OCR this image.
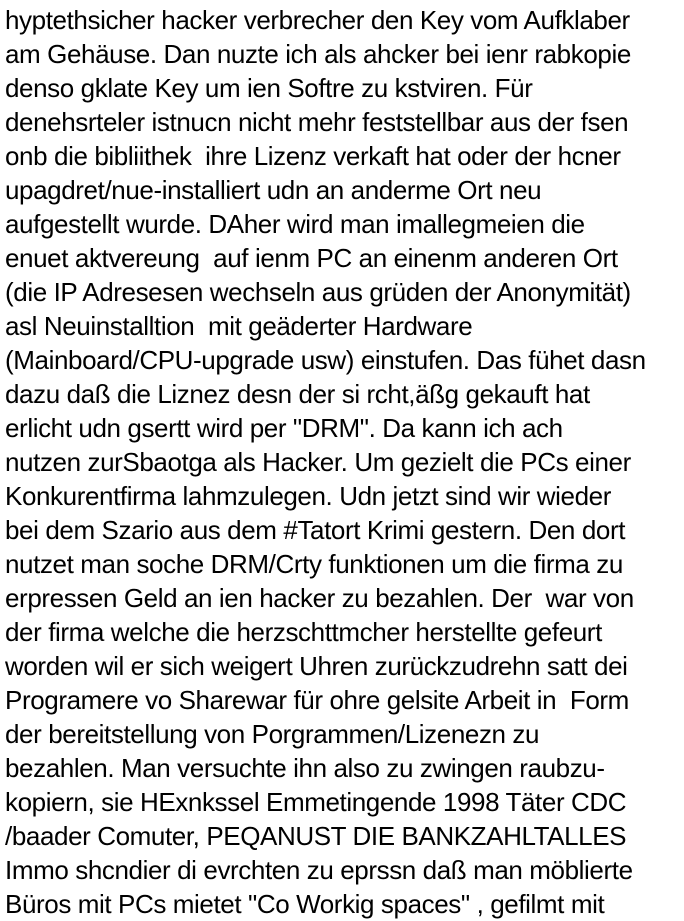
hyptethsicher hacker verbrecher den Key vom Aufklaber
am Gehäuse. Dan nuzte ich als ahcker bei ienr rabkopie
denso gklate Key um ien Softre zu kstviren. Für
denehsrteler istnucn nicht mehr feststellbar aus der fsen
onb die bibliithek  ihre Lizenz verkaft hat oder der hcner
upagdret/nue-installiert udn an anderme Ort neu
aufgestellt wurde. DAher wird man imallegmeien die
enuet aktvereung  auf ienm PC an einenm anderen Ort
(die IP Adresesen wechseln aus grüden der Anonymität)
asl Neuinstalltion  mit geäderter Hardware
(Mainboard/CPU-upgrade usw) einstufen. Das fühet dasn
dazu daß die Liznez desn der si rcht,äßg gekauft hat
erlicht udn gsertt wird per "DRM". Da kann ich ach
nutzen zurSbaotga als Hacker. Um gezielt die PCs einer
Konkurentfirma lahmzulegen. Udn jetzt sind wir wieder
bei dem Szario aus dem #Tatort Krimi gestern. Den dort
nutzet man soche DRM/Crty funktionen um die firma zu
erpressen Geld an ien hacker zu bezahlen. Der  war von
der firma welche die herzschttmcher herstellte gefeurt
worden wil er sich weigert Uhren zurückzudrehn satt dei
Programere vo Sharewar für ohre gelsite Arbeit in  Form
der bereitstellung von Porgrammen/Lizenezn zu
bezahlen. Man versuchte ihn also zu zwingen raubzu-
kopiern, sie HExnkssel Emmetingende 1998 Täter CDC
/baader Comuter, PEQANUST DIE BANKZAHLTALLES
Immo shcndier di evrchten zu eprssn daß man möblierte
Büros mit PCs mietet "Co Workig spaces" , gefilmt mit
